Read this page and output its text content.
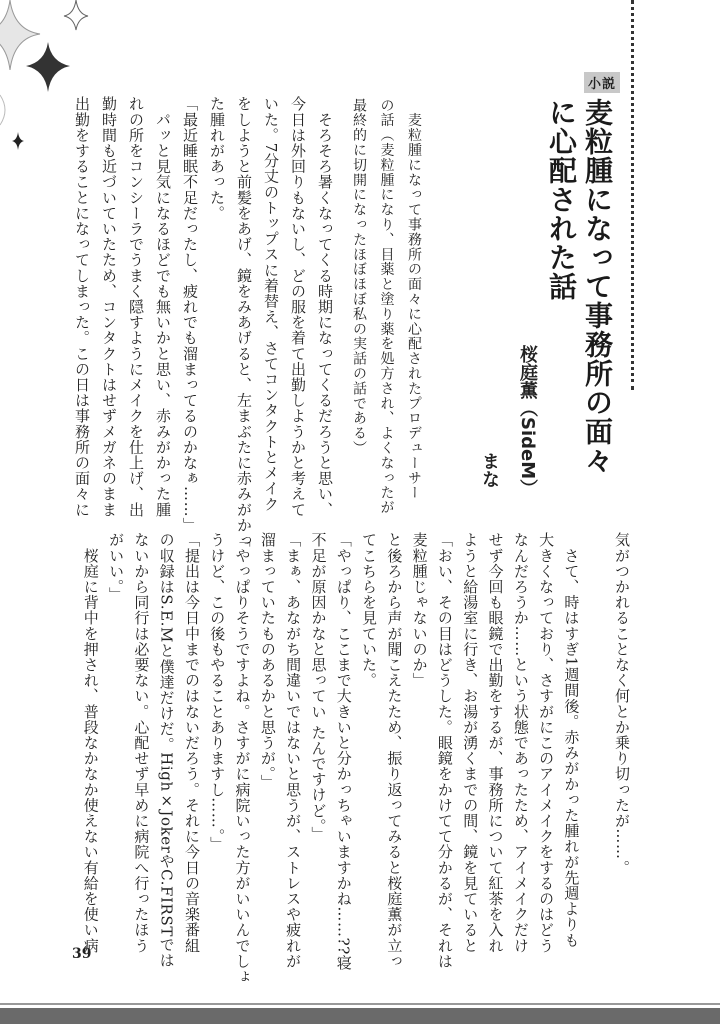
小説
麦粒腫になって事務所の面々
に心配された話
桜庭薫（SideM）
まな
　麦粒腫になって事務所の面々に心配されたプロデューサー
の話（麦粒腫になり、目薬と塗り薬を処方され、よくなったが
最終的に切開になったほぼほぼ私の実話の話である）
　そろそろ暑くなってくる時期になってくるだろうと思い、
今日は外回りもないし、どの服を着て出勤しようかと考えて
いた。7分丈のトップスに着替え、さてコンタクトとメイク
をしようと前髪をあげ、鏡をみあげると、左まぶたに赤みがかっ
た腫れがあった。
「最近睡眠不足だったし、疲れでも溜まってるのかなぁ……」
　パッと見気になるほどでも無いかと思い、赤みがかった腫
れの所をコンシーラでうまく隠すようにメイクを仕上げ、出
勤時間も近づいていたため、コンタクトはせずメガネのまま
出勤をすることになってしまった。この日は事務所の面々に
気がつかれることなく何とか乗り切ったが……。

　さて、時はすぎ1週間後。赤みがかった腫れが先週よりも
大きくなっており、さすがにこのアイメイクをするのはどう
なんだろうか……という状態であったため、アイメイクだけ
せず今回も眼鏡で出勤をするが、事務所について紅茶を入れ
ようと給湯室に行き、お湯が湧くまでの間、鏡を見ていると
「おい、その目はどうした。眼鏡をかけてて分かるが、それは
麦粒腫じゃないのか」
と後ろから声が聞こえたため、振り返ってみると桜庭薫が立っ
てこちらを見ていた。
「やっぱり、ここまで大きいと分かっちゃいますかね……??寝
不足が原因かなと思ってい たんですけど。」
「まぁ、あながち間違いではないと思うが、ストレスや疲れが
溜まっていたものあるかと思うが。」
「やっぱりそうですよね。さすがに病院いった方がいいんでしょ
うけど、この後もやることありますし……。」
「提出は今日中までのはないだろう。それに今日の音楽番組
の収録はS.E.Mと僕達だけだ。High×JokerやC.FIRSTでは
ないから同行は必要ない。心配せず早めに病院へ行ったほう
がいい。」
　桜庭に背中を押され、普段なかなか使えない有給を使い病
39
